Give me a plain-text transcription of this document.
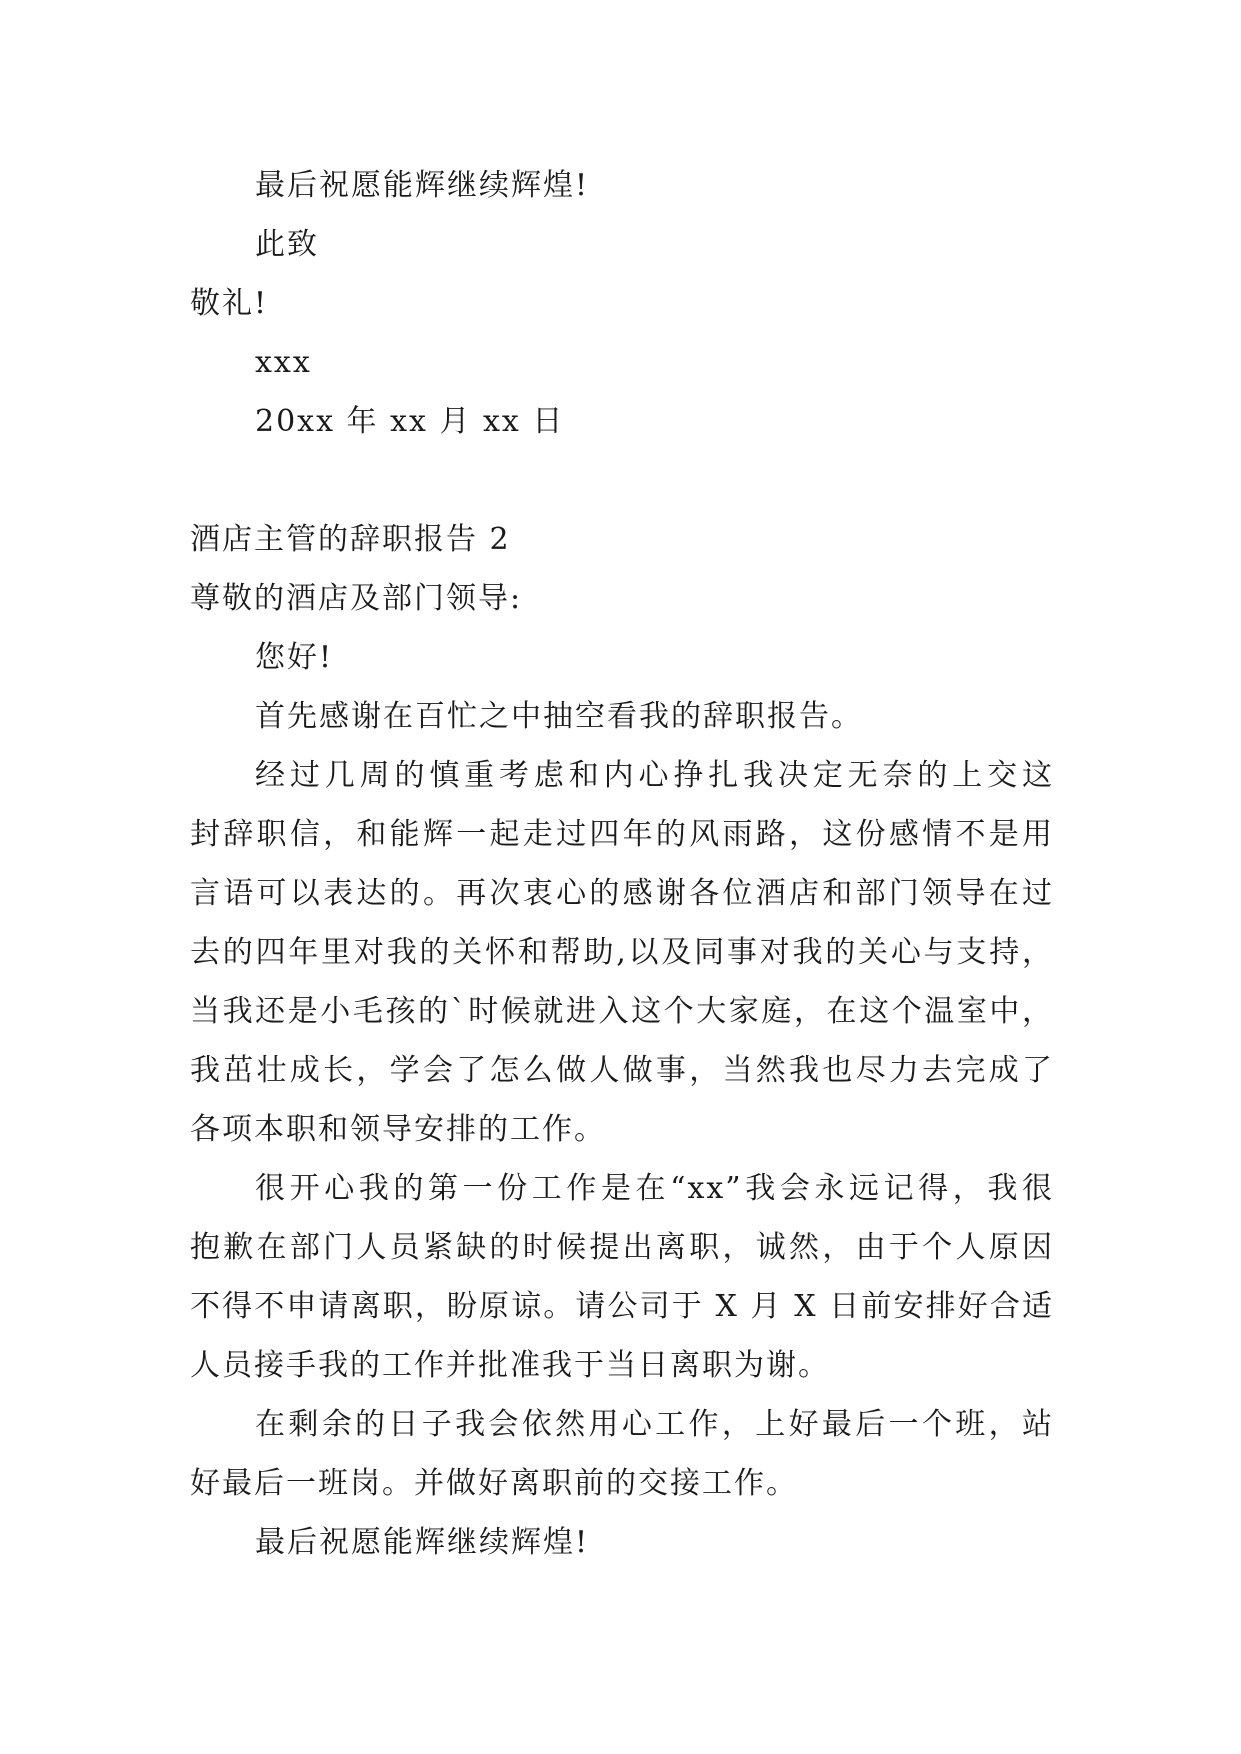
最后祝愿能辉继续辉煌!
此致
敬礼!
xxx
20xx 年 xx 月 xx 日
酒店主管的辞职报告 2
尊敬的酒店及部门领导:
您好!
首先感谢在百忙之中抽空看我的辞职报告。
经过几周的慎重考虑和内心挣扎我决定无奈的上交这
封辞职信，和能辉一起走过四年的风雨路，这份感情不是用
言语可以表达的。再次衷心的感谢各位酒店和部门领导在过
去的四年里对我的关怀和帮助,以及同事对我的关心与支持，
当我还是小毛孩的`时候就进入这个大家庭，在这个温室中，
我茁壮成长，学会了怎么做人做事，当然我也尽力去完成了
各项本职和领导安排的工作。
很开心我的第一份工作是在“xx”我会永远记得，我很
抱歉在部门人员紧缺的时候提出离职，诚然，由于个人原因
不得不申请离职，盼原谅。请公司于 X 月 X 日前安排好合适
人员接手我的工作并批准我于当日离职为谢。
在剩余的日子我会依然用心工作，上好最后一个班，站
好最后一班岗。并做好离职前的交接工作。
最后祝愿能辉继续辉煌!
